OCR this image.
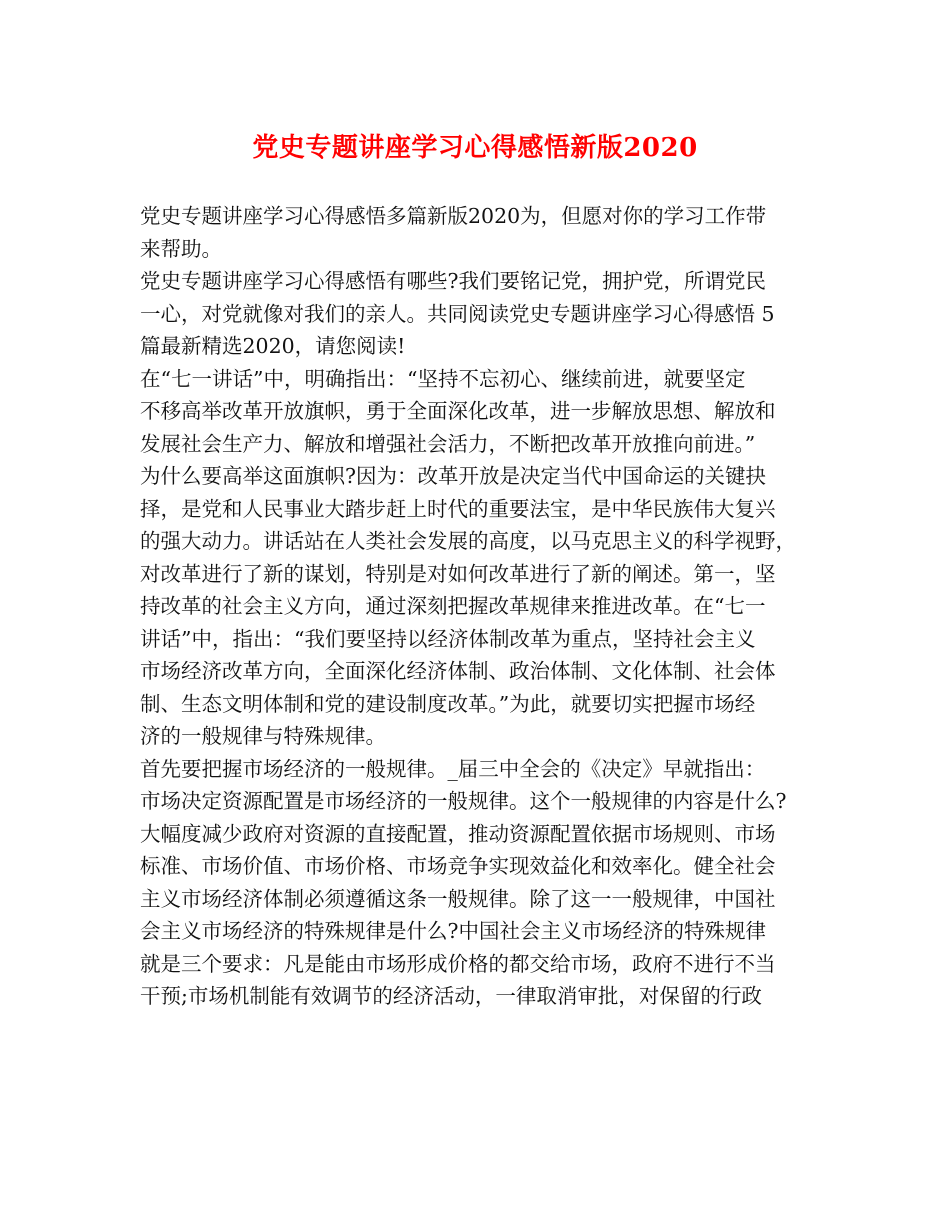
党史专题讲座学习心得感悟新版2020
党史专题讲座学习心得感悟多篇新版2020为，但愿对你的学习工作带
来帮助。
党史专题讲座学习心得感悟有哪些?我们要铭记党，拥护党，所谓党民
一心，对党就像对我们的亲人。共同阅读党史专题讲座学习心得感悟 5
篇最新精选2020，请您阅读!
在“七一讲话”中，明确指出：“坚持不忘初心、继续前进，就要坚定
不移高举改革开放旗帜，勇于全面深化改革，进一步解放思想、解放和
发展社会生产力、解放和增强社会活力，不断把改革开放推向前进。”
为什么要高举这面旗帜?因为：改革开放是决定当代中国命运的关键抉
择，是党和人民事业大踏步赶上时代的重要法宝，是中华民族伟大复兴
的强大动力。讲话站在人类社会发展的高度，以马克思主义的科学视野，
对改革进行了新的谋划，特别是对如何改革进行了新的阐述。第一，坚
持改革的社会主义方向，通过深刻把握改革规律来推进改革。在“七一
讲话”中，指出：“我们要坚持以经济体制改革为重点，坚持社会主义
市场经济改革方向，全面深化经济体制、政治体制、文化体制、社会体
制、生态文明体制和党的建设制度改革。”为此，就要切实把握市场经
济的一般规律与特殊规律。
首先要把握市场经济的一般规律。_届三中全会的《决定》早就指出：
市场决定资源配置是市场经济的一般规律。这个一般规律的内容是什么?
大幅度减少政府对资源的直接配置，推动资源配置依据市场规则、市场
标准、市场价值、市场价格、市场竞争实现效益化和效率化。健全社会
主义市场经济体制必须遵循这条一般规律。除了这一一般规律，中国社
会主义市场经济的特殊规律是什么?中国社会主义市场经济的特殊规律
就是三个要求：凡是能由市场形成价格的都交给市场，政府不进行不当
干预;市场机制能有效调节的经济活动，一律取消审批，对保留的行政
